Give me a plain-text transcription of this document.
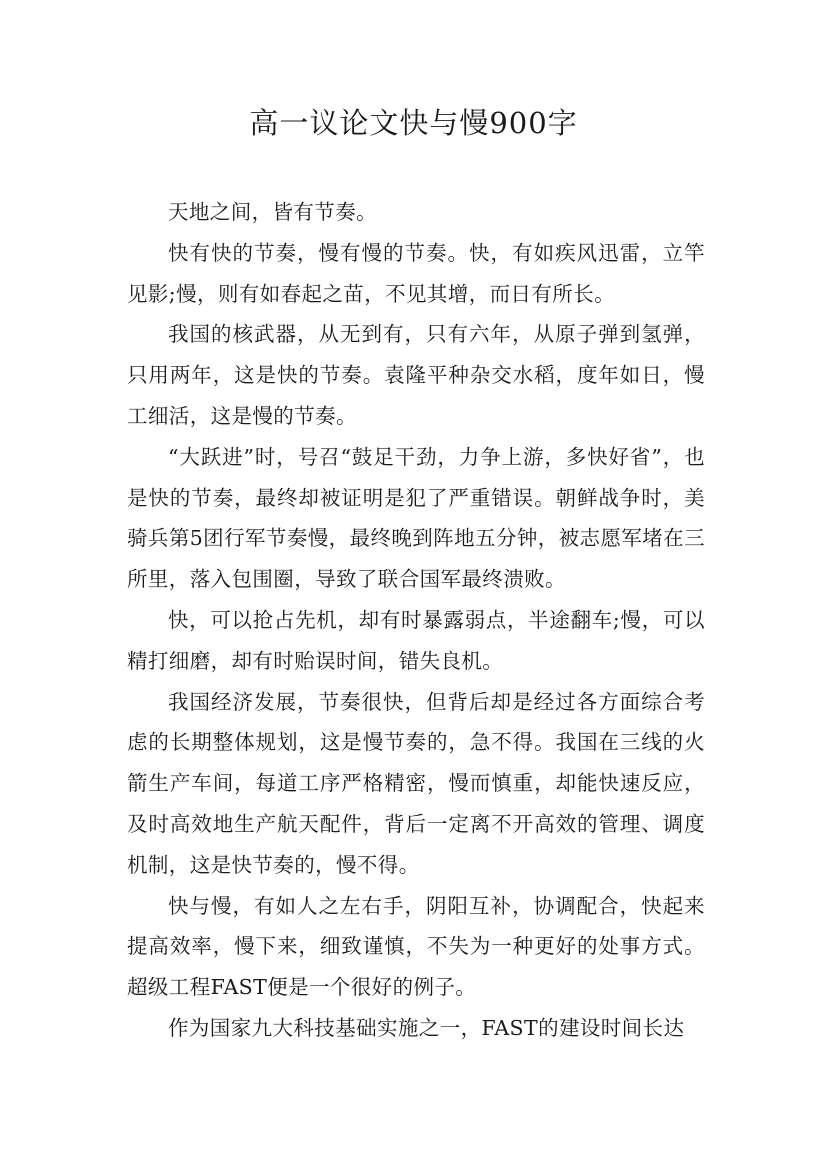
高一议论文快与慢900字

天地之间，皆有节奏。

快有快的节奏，慢有慢的节奏。快，有如疾风迅雷，立竿见影;慢，则有如春起之苗，不见其增，而日有所长。

我国的核武器，从无到有，只有六年，从原子弹到氢弹，只用两年，这是快的节奏。袁隆平种杂交水稻，度年如日，慢工细活，这是慢的节奏。

“大跃进”时，号召“鼓足干劲，力争上游，多快好省”，也是快的节奏，最终却被证明是犯了严重错误。朝鲜战争时，美骑兵第5团行军节奏慢，最终晚到阵地五分钟，被志愿军堵在三所里，落入包围圈，导致了联合国军最终溃败。

快，可以抢占先机，却有时暴露弱点，半途翻车;慢，可以精打细磨，却有时贻误时间，错失良机。

我国经济发展，节奏很快，但背后却是经过各方面综合考虑的长期整体规划，这是慢节奏的，急不得。我国在三线的火箭生产车间，每道工序严格精密，慢而慎重，却能快速反应，及时高效地生产航天配件，背后一定离不开高效的管理、调度机制，这是快节奏的，慢不得。

快与慢，有如人之左右手，阴阳互补，协调配合，快起来提高效率，慢下来，细致谨慎，不失为一种更好的处事方式。超级工程FAST便是一个很好的例子。

作为国家九大科技基础实施之一，FAST的建设时间长达
